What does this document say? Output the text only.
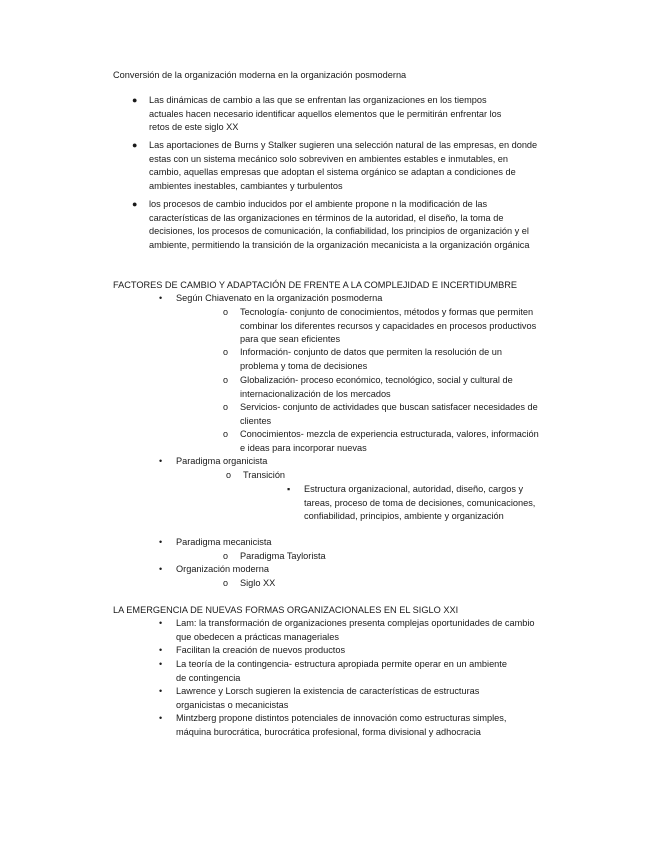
Conversión de la organización moderna en la organización posmoderna
●
Las dinámicas de cambio a las que se enfrentan las organizaciones en los tiempos actuales hacen necesario identificar aquellos elementos que le permitirán enfrentar los retos de este siglo XX
●
Las aportaciones de Burns y Stalker sugieren una selección natural de las empresas, en donde estas con un sistema mecánico solo sobreviven en ambientes estables e inmutables, en cambio, aquellas empresas que adoptan el sistema orgánico se adaptan a condiciones de ambientes inestables, cambiantes y turbulentos
●
los procesos de cambio inducidos por el ambiente propone n la modificación de las características de las organizaciones en términos de la autoridad, el diseño, la toma de decisiones, los procesos de comunicación, la confiabilidad, los principios de organización y el ambiente, permitiendo la transición de la organización mecanicista a la organización orgánica
FACTORES DE CAMBIO Y ADAPTACIÓN DE FRENTE A LA COMPLEJIDAD E INCERTIDUMBRE
•
Según Chiavenato en la organización posmoderna
o
Tecnología- conjunto de conocimientos, métodos y formas que permiten combinar los diferentes recursos y capacidades en procesos productivos para que sean eficientes
o
Información- conjunto de datos que permiten la resolución de un problema y toma de decisiones
o
Globalización- proceso económico, tecnológico, social y cultural de internacionalización de los mercados
o
Servicios- conjunto de actividades que buscan satisfacer necesidades de clientes
o
Conocimientos- mezcla de experiencia estructurada, valores, información e ideas para incorporar nuevas
•
Paradigma organicista
o
Transición
▪
Estructura organizacional, autoridad, diseño, cargos y tareas, proceso de toma de decisiones, comunicaciones, confiabilidad, principios, ambiente y organización
•
Paradigma mecanicista
o
Paradigma Taylorista
•
Organización moderna
o
Siglo XX
LA EMERGENCIA DE NUEVAS FORMAS ORGANIZACIONALES EN EL SIGLO XXI
•
Lam: la transformación de organizaciones presenta complejas oportunidades de cambio que obedecen a prácticas manageriales
•
Facilitan la creación de nuevos productos
•
La teoría de la contingencia- estructura apropiada permite operar en un ambiente de contingencia
•
Lawrence y Lorsch sugieren la existencia de características de estructuras organicistas o mecanicistas
•
Mintzberg propone distintos potenciales de innovación como estructuras simples, máquina burocrática, burocrática profesional, forma divisional y adhocracia
